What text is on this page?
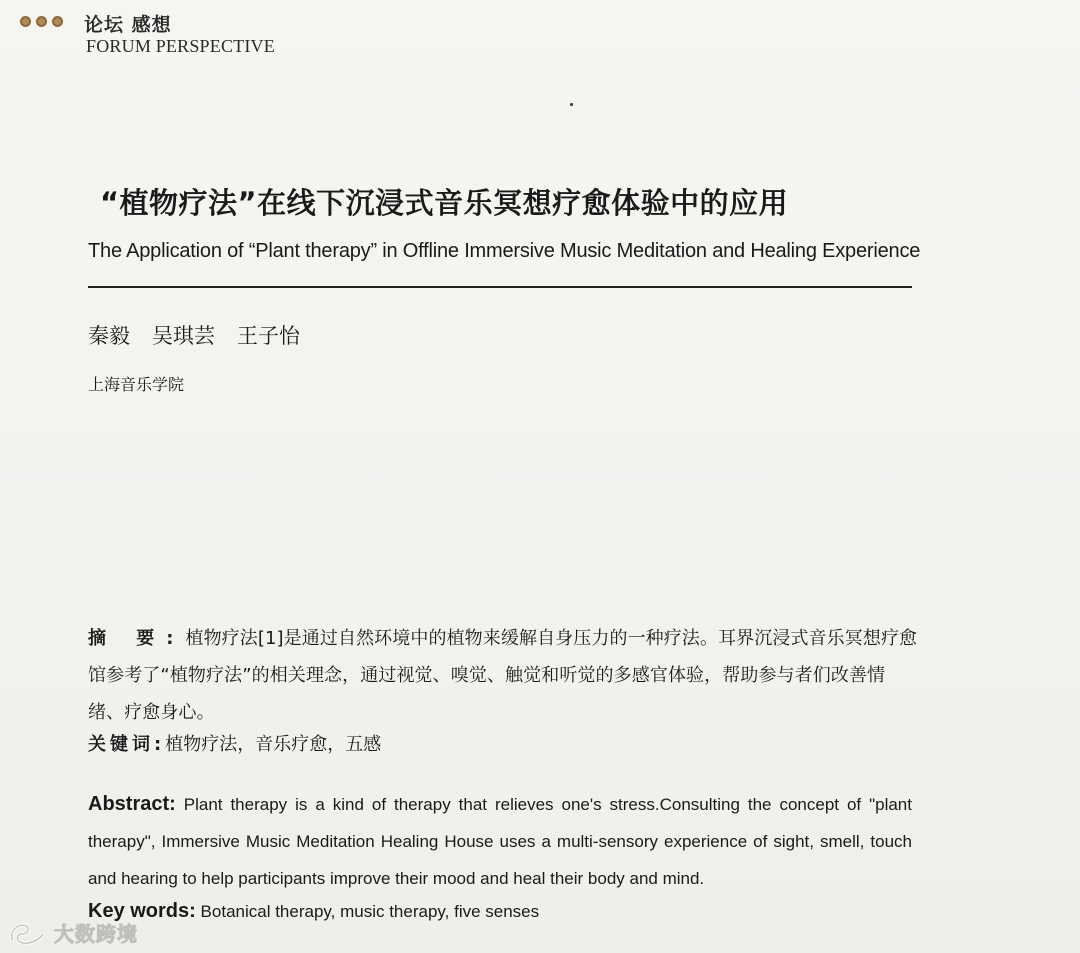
论坛 感想
FORUM PERSPECTIVE
“植物疗法”在线下沉浸式音乐冥想疗愈体验中的应用
The Application of “Plant therapy” in Offline Immersive Music Meditation and Healing Experience
秦毅 吴琪芸 王子怡
上海音乐学院
摘 要:植物疗法[1]是通过自然环境中的植物来缓解自身压力的一种疗法。耳界沉浸式音乐冥想疗愈馆参考了“植物疗法”的相关理念，通过视觉、嗅觉、触觉和听觉的多感官体验，帮助参与者们改善情绪、疗愈身心。
关键词:植物疗法，音乐疗愈，五感
Abstract: Plant therapy is a kind of therapy that relieves one's stress.Consulting the concept of "plant therapy", Immersive Music Meditation Healing House uses a multi-sensory experience of sight, smell, touch and hearing to help participants improve their mood and heal their body and mind.
Key words: Botanical therapy, music therapy, five senses
大数跨境
